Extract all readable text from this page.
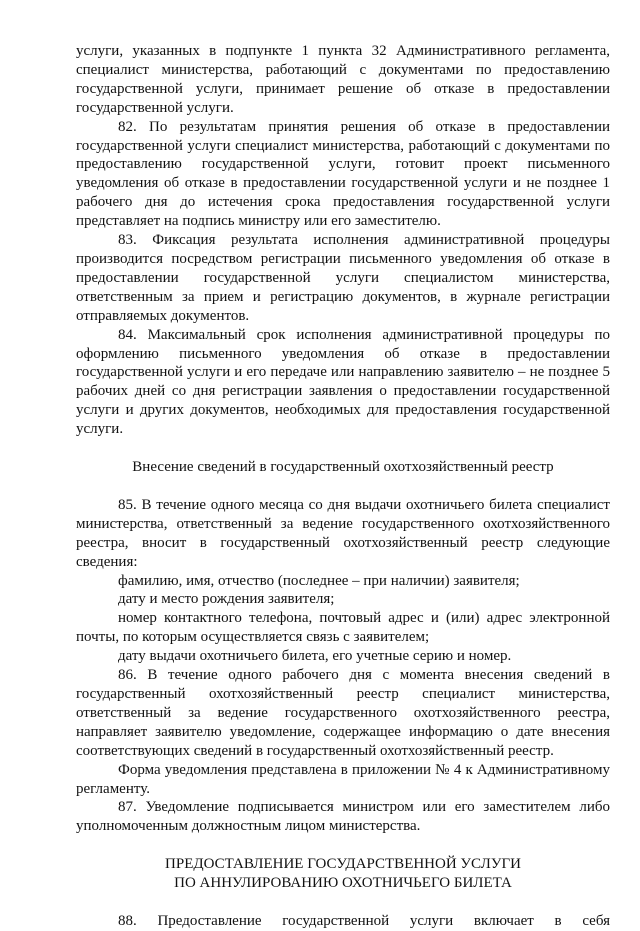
услуги, указанных в подпункте 1 пункта 32 Административного регламента, специалист министерства, работающий с документами по предоставлению государственной услуги, принимает решение об отказе в предоставлении государственной услуги.

82. По результатам принятия решения об отказе в предоставлении государственной услуги специалист министерства, работающий с документами по предоставлению государственной услуги, готовит проект письменного уведомления об отказе в предоставлении государственной услуги и не позднее 1 рабочего дня до истечения срока предоставления государственной услуги представляет на подпись министру или его заместителю.

83. Фиксация результата исполнения административной процедуры производится посредством регистрации письменного уведомления об отказе в предоставлении государственной услуги специалистом министерства, ответственным за прием и регистрацию документов, в журнале регистрации отправляемых документов.

84. Максимальный срок исполнения административной процедуры по оформлению письменного уведомления об отказе в предоставлении государственной услуги и его передаче или направлению заявителю – не позднее 5 рабочих дней со дня регистрации заявления о предоставлении государственной услуги и других документов, необходимых для предоставления государственной услуги.

Внесение сведений в государственный охотхозяйственный реестр

85. В течение одного месяца со дня выдачи охотничьего билета специалист министерства, ответственный за ведение государственного охотхозяйственного реестра, вносит в государственный охотхозяйственный реестр следующие сведения:

фамилию, имя, отчество (последнее – при наличии) заявителя;

дату и место рождения заявителя;

номер контактного телефона, почтовый адрес и (или) адрес электронной почты, по которым осуществляется связь с заявителем;

дату выдачи охотничьего билета, его учетные серию и номер.

86. В течение одного рабочего дня с момента внесения сведений в государственный охотхозяйственный реестр специалист министерства, ответственный за ведение государственного охотхозяйственного реестра, направляет заявителю уведомление, содержащее информацию о дате внесения соответствующих сведений в государственный охотхозяйственный реестр.

Форма уведомления представлена в приложении № 4 к Административному регламенту.

87. Уведомление подписывается министром или его заместителем либо уполномоченным должностным лицом министерства.

ПРЕДОСТАВЛЕНИЕ ГОСУДАРСТВЕННОЙ УСЛУГИ

ПО АННУЛИРОВАНИЮ ОХОТНИЧЬЕГО БИЛЕТА

88. Предоставление государственной услуги включает в себя
